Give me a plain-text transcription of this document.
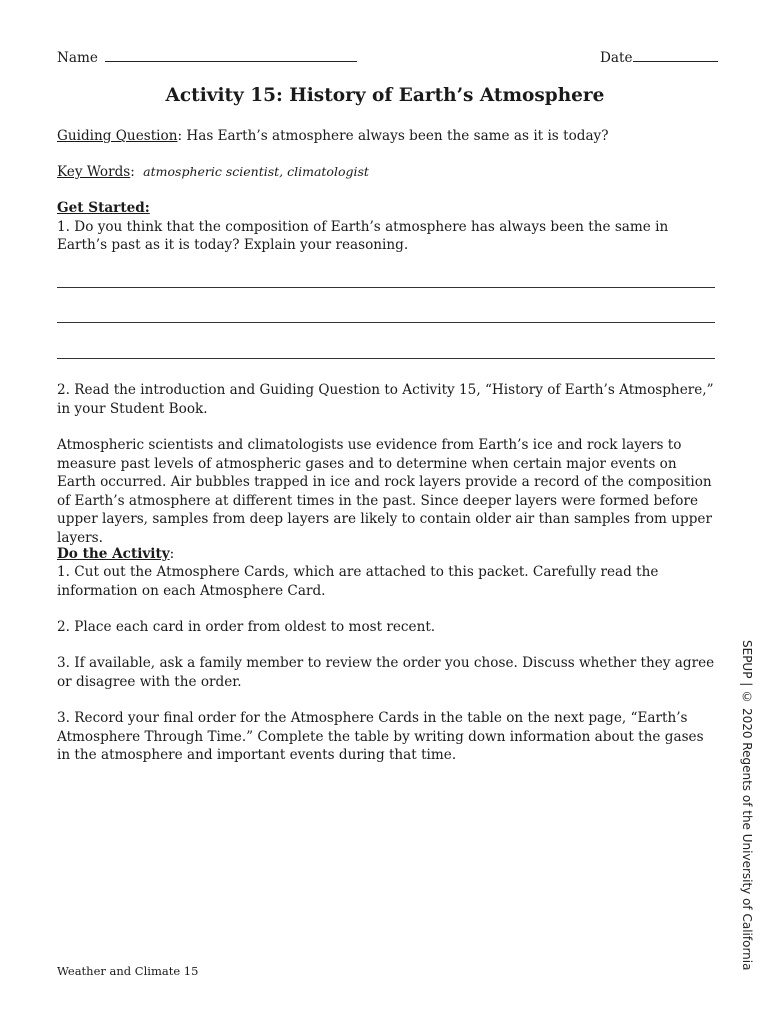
Name	Date
Activity 15: History of Earth’s Atmosphere
Guiding Question: Has Earth’s atmosphere always been the same as it is today?
Key Words: atmospheric scientist, climatologist
Get Started:
1. Do you think that the composition of Earth’s atmosphere has always been the same in Earth’s past as it is today? Explain your reasoning.
2. Read the introduction and Guiding Question to Activity 15, “History of Earth’s Atmosphere,” in your Student Book.
Atmospheric scientists and climatologists use evidence from Earth’s ice and rock layers to measure past levels of atmospheric gases and to determine when certain major events on Earth occurred. Air bubbles trapped in ice and rock layers provide a record of the composition of Earth’s atmosphere at different times in the past. Since deeper layers were formed before upper layers, samples from deep layers are likely to contain older air than samples from upper layers.
Do the Activity:
1. Cut out the Atmosphere Cards, which are attached to this packet. Carefully read the information on each Atmosphere Card.
2. Place each card in order from oldest to most recent.
3. If available, ask a family member to review the order you chose. Discuss whether they agree or disagree with the order.
3. Record your final order for the Atmosphere Cards in the table on the next page, “Earth’s Atmosphere Through Time.” Complete the table by writing down information about the gases in the atmosphere and important events during that time.	SEPUP | © 2020 Regents of the University of California
Weather and Climate 15
